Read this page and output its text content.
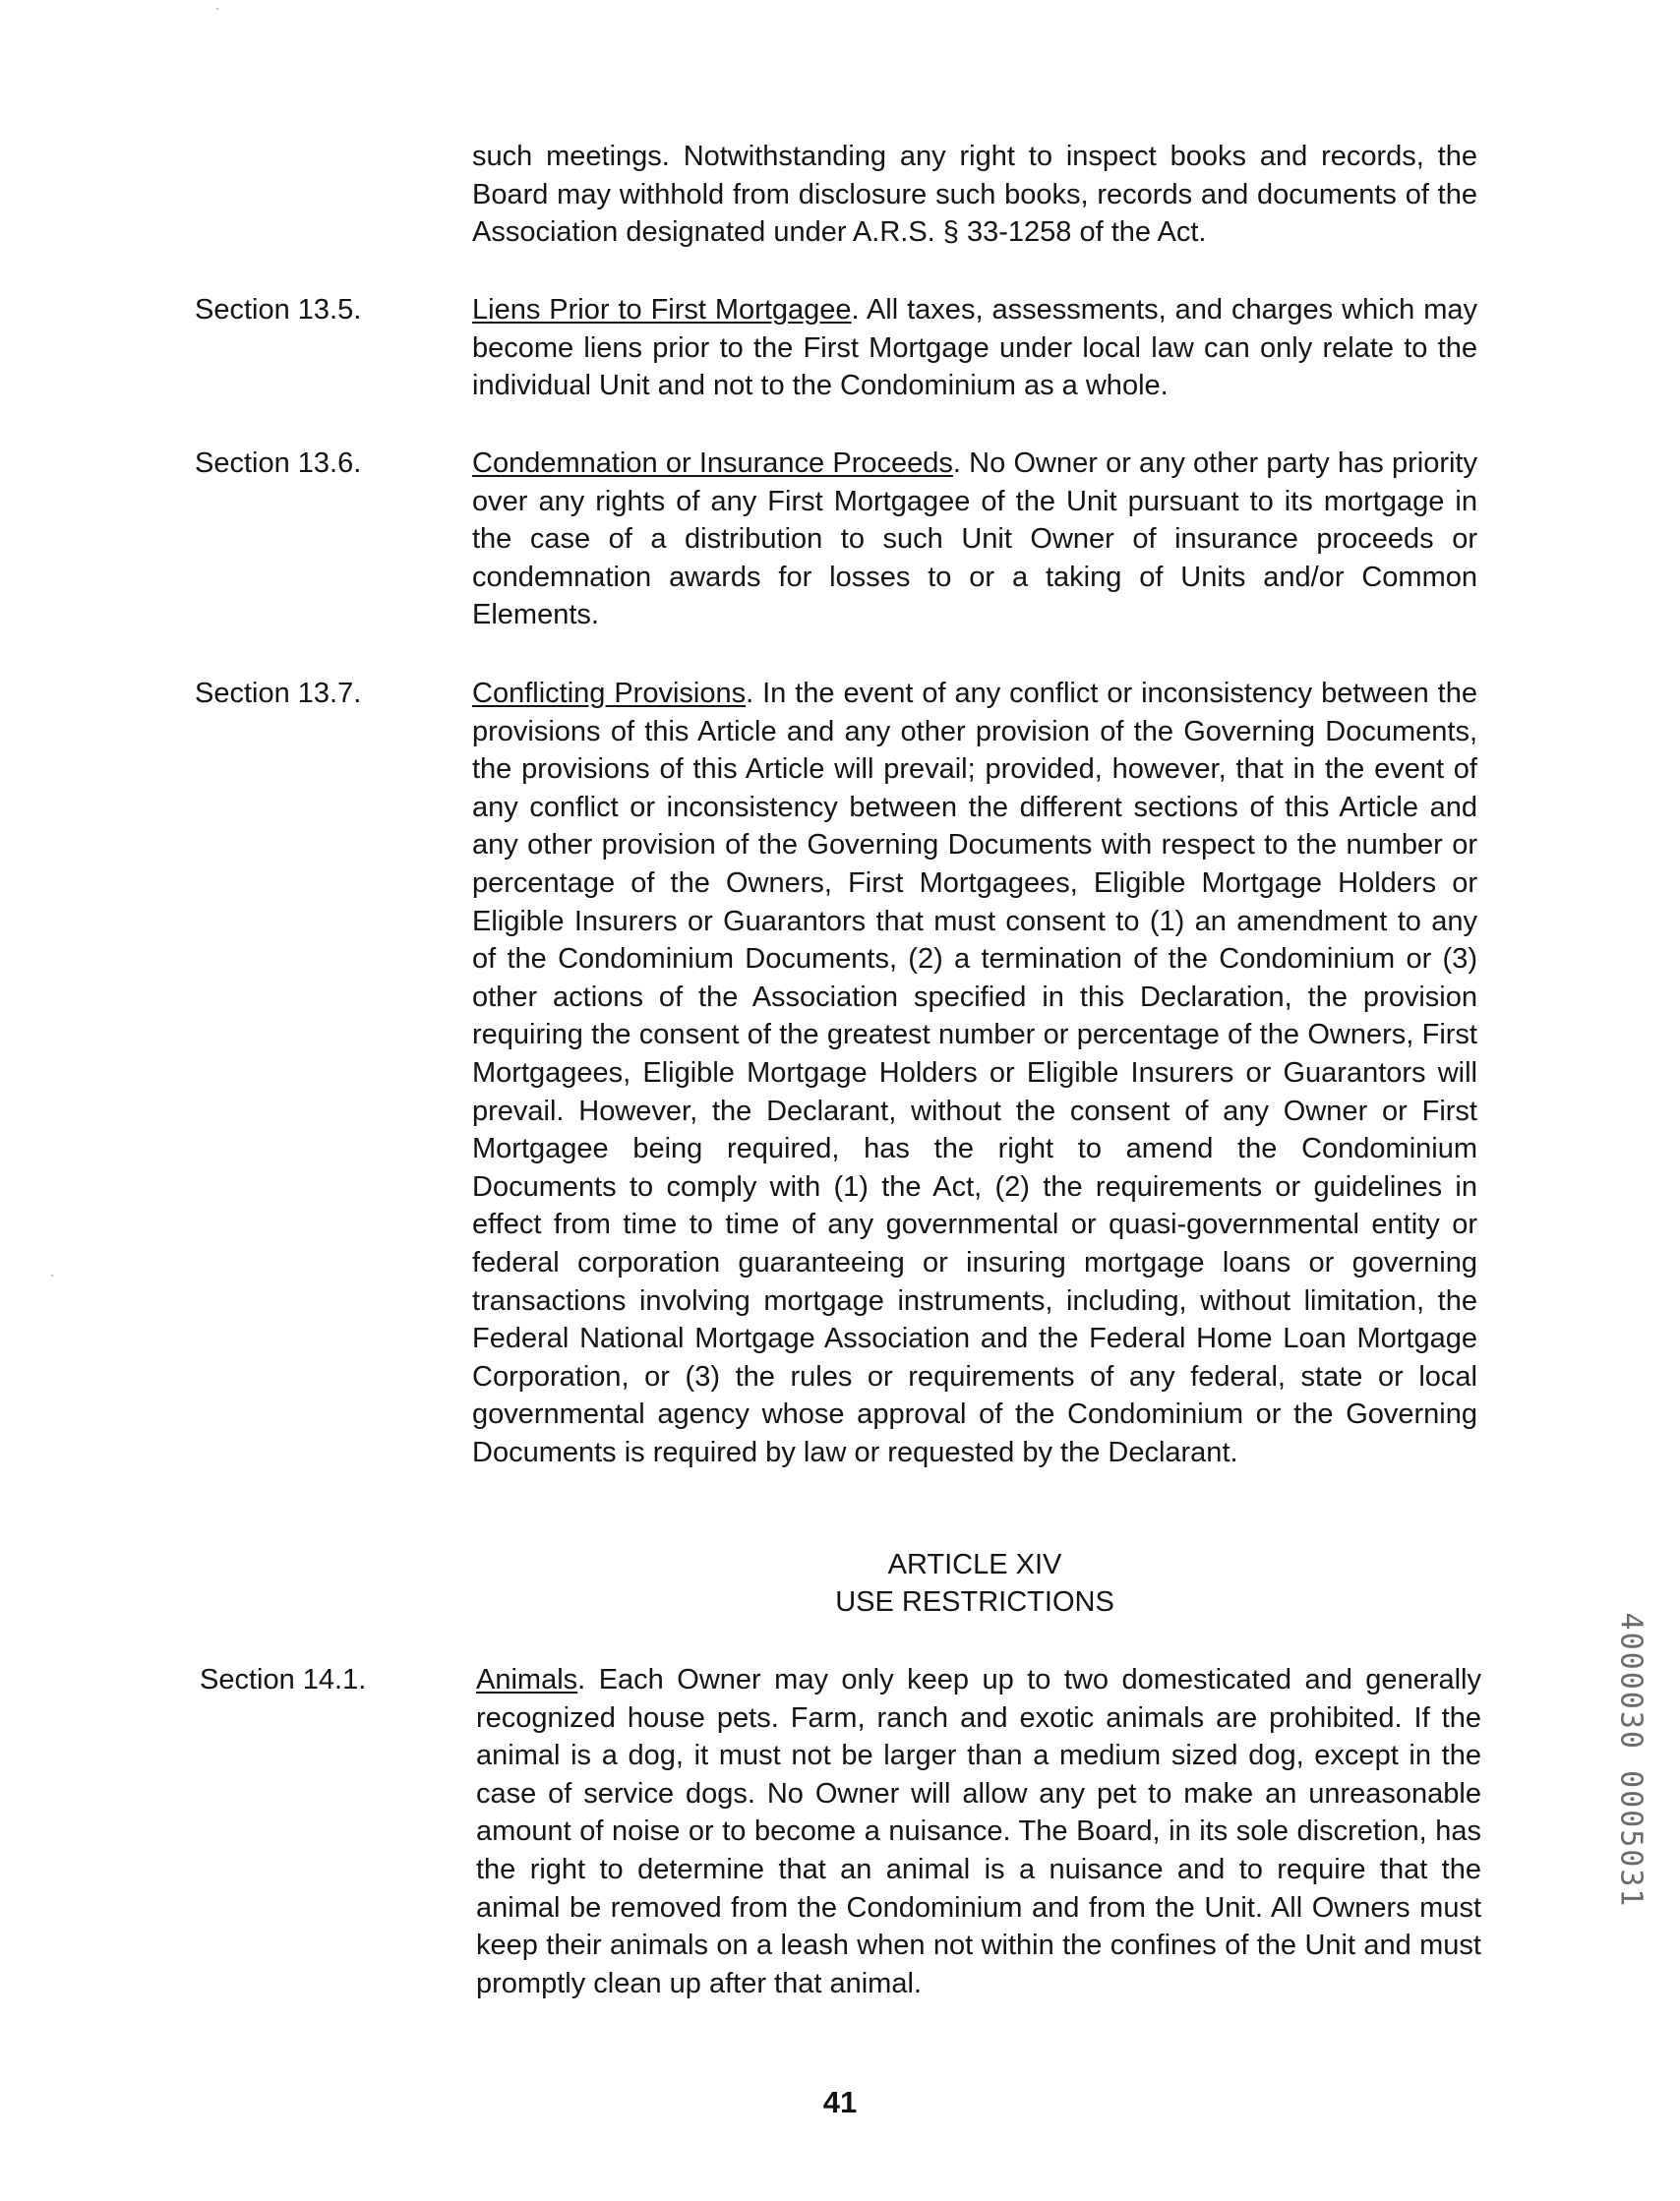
such meetings. Notwithstanding any right to inspect books and records, the Board may withhold from disclosure such books, records and documents of the Association designated under A.R.S. § 33-1258 of the Act.

Section 13.5.	Liens Prior to First Mortgagee. All taxes, assessments, and charges which may become liens prior to the First Mortgage under local law can only relate to the individual Unit and not to the Condominium as a whole.

Section 13.6.	Condemnation or Insurance Proceeds. No Owner or any other party has priority over any rights of any First Mortgagee of the Unit pursuant to its mortgage in the case of a distribution to such Unit Owner of insurance proceeds or condemnation awards for losses to or a taking of Units and/or Common Elements.

Section 13.7.	Conflicting Provisions. In the event of any conflict or inconsistency between the provisions of this Article and any other provision of the Governing Documents, the provisions of this Article will prevail; provided, however, that in the event of any conflict or inconsistency between the different sections of this Article and any other provision of the Governing Documents with respect to the number or percentage of the Owners, First Mortgagees, Eligible Mortgage Holders or Eligible Insurers or Guarantors that must consent to (1) an amendment to any of the Condominium Documents, (2) a termination of the Condominium or (3) other actions of the Association specified in this Declaration, the provision requiring the consent of the greatest number or percentage of the Owners, First Mortgagees, Eligible Mortgage Holders or Eligible Insurers or Guarantors will prevail. However, the Declarant, without the consent of any Owner or First Mortgagee being required, has the right to amend the Condominium Documents to comply with (1) the Act, (2) the requirements or guidelines in effect from time to time of any governmental or quasi-governmental entity or federal corporation guaranteeing or insuring mortgage loans or governing transactions involving mortgage instruments, including, without limitation, the Federal National Mortgage Association and the Federal Home Loan Mortgage Corporation, or (3) the rules or requirements of any federal, state or local governmental agency whose approval of the Condominium or the Governing Documents is required by law or requested by the Declarant.

ARTICLE XIV

USE RESTRICTIONS

Section 14.1.	Animals. Each Owner may only keep up to two domesticated and generally recognized house pets. Farm, ranch and exotic animals are prohibited. If the animal is a dog, it must not be larger than a medium sized dog, except in the case of service dogs. No Owner will allow any pet to make an unreasonable amount of noise or to become a nuisance. The Board, in its sole discretion, has the right to determine that an animal is a nuisance and to require that the animal be removed from the Condominium and from the Unit. All Owners must keep their animals on a leash when not within the confines of the Unit and must promptly clean up after that animal.

41
4000030 0005031
